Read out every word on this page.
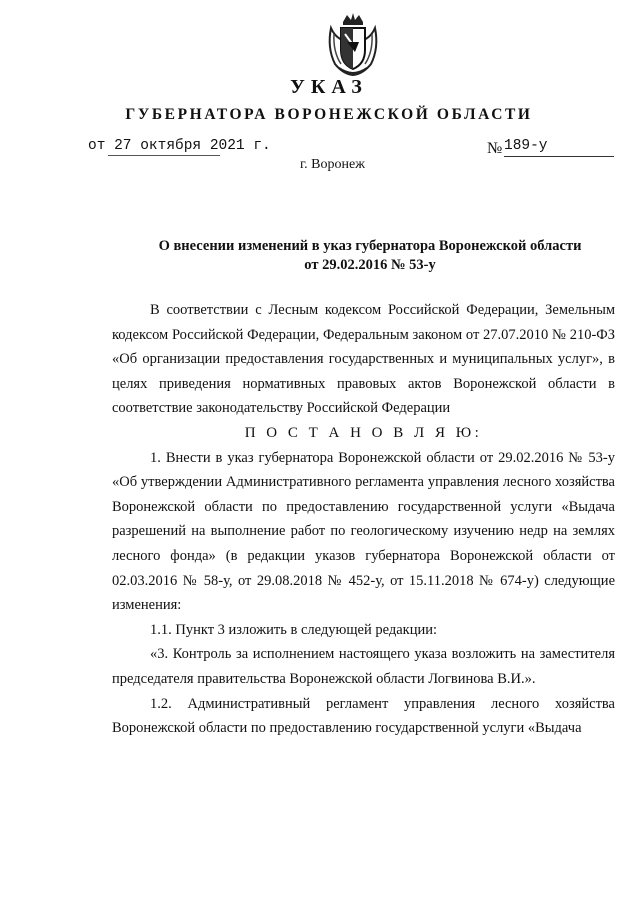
УКАЗ
ГУБЕРНАТОРА ВОРОНЕЖСКОЙ ОБЛАСТИ
от 27 октября 2021 г.	№ 189-у
г. Воронеж
О внесении изменений в указ губернатора Воронежской области
от 29.02.2016 № 53-у

В соответствии с Лесным кодексом Российской Федерации, Земельным кодексом Российской Федерации, Федеральным законом от 27.07.2010 № 210-ФЗ «Об организации предоставления государственных и муниципальных услуг», в целях приведения нормативных правовых актов Воронежской области в соответствие законодательству Российской Федерации

П О С Т А Н О В Л Я Ю:

1. Внести в указ губернатора Воронежской области от 29.02.2016 № 53-у «Об утверждении Административного регламента управления лесного хозяйства Воронежской области по предоставлению государственной услуги «Выдача разрешений на выполнение работ по геологическому изучению недр на землях лесного фонда» (в редакции указов губернатора Воронежской области от 02.03.2016 № 58-у, от 29.08.2018 № 452-у, от 15.11.2018 № 674-у) следующие изменения:

1.1. Пункт 3 изложить в следующей редакции:

«3. Контроль за исполнением настоящего указа возложить на заместителя председателя правительства Воронежской области Логвинова В.И.».

1.2. Административный регламент управления лесного хозяйства Воронежской области по предоставлению государственной услуги «Выдача
